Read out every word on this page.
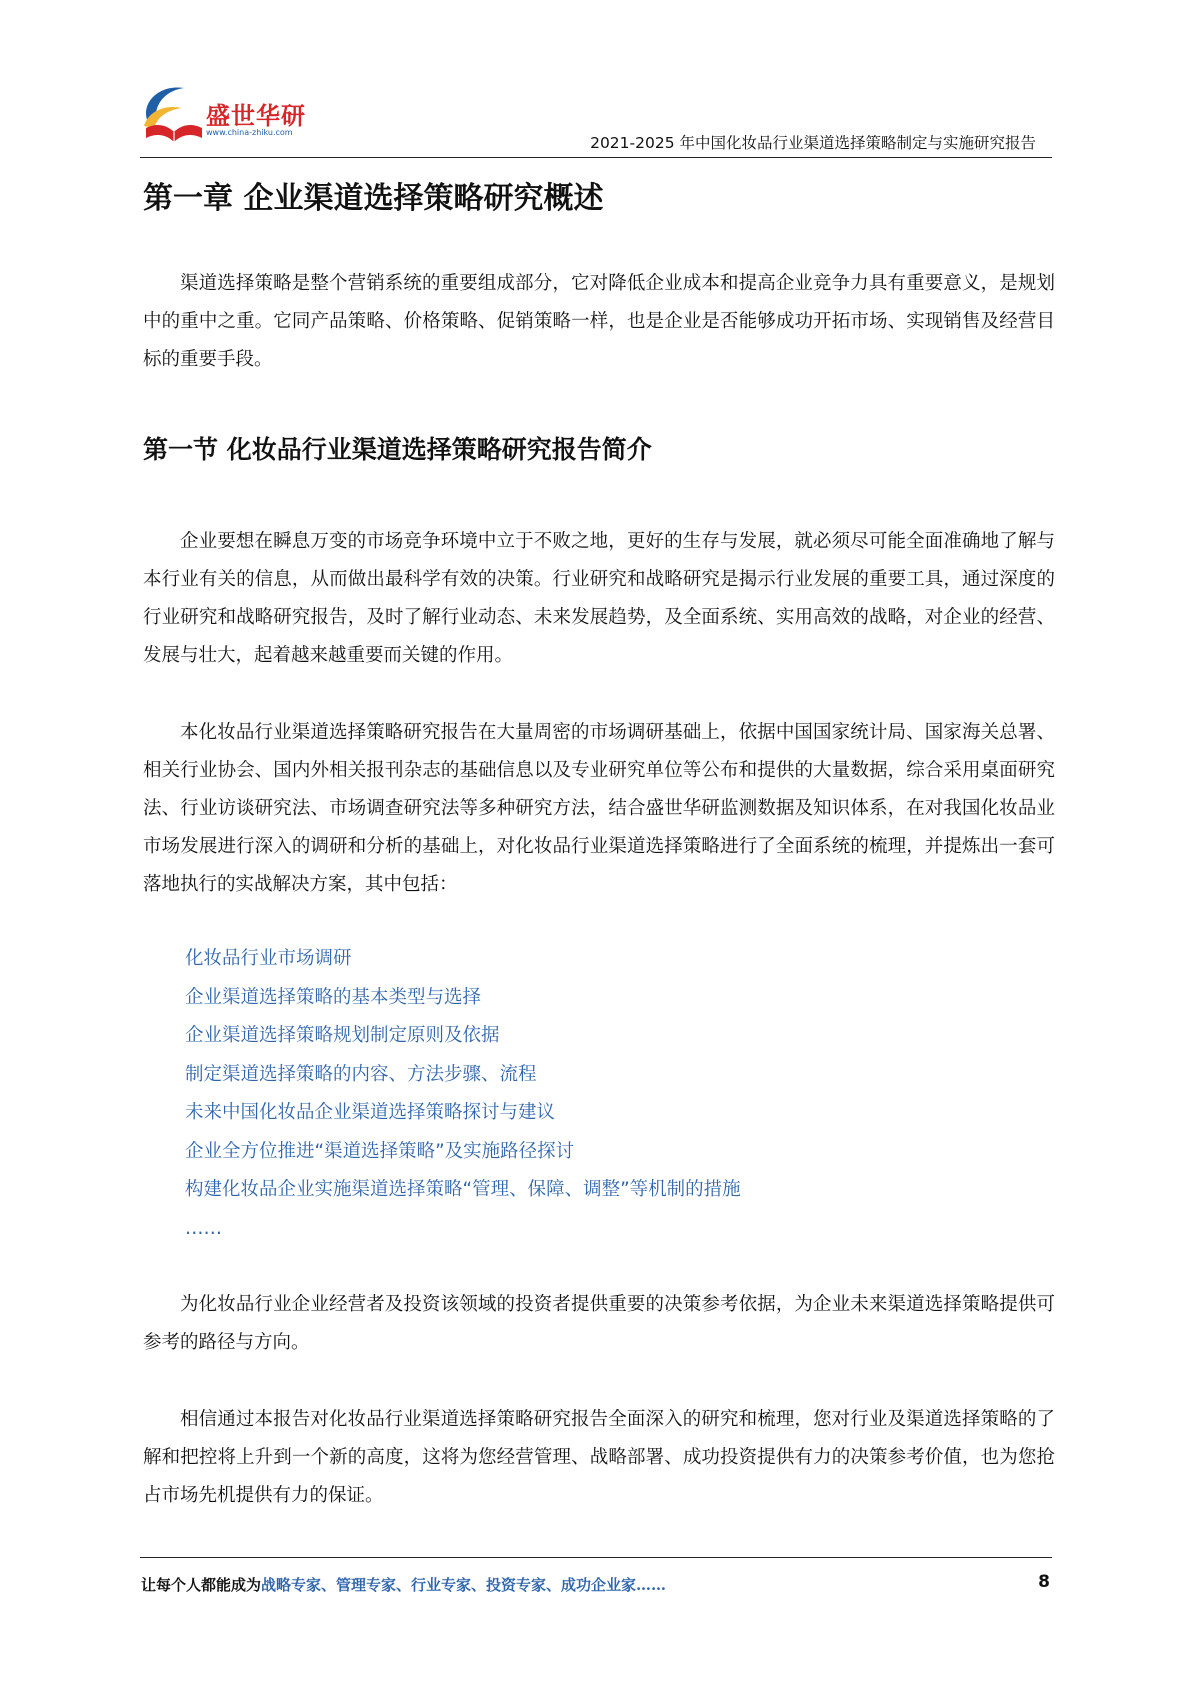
盛世华研
www.china-zhiku.com
2021-2025 年中国化妆品行业渠道选择策略制定与实施研究报告
第一章 企业渠道选择策略研究概述

渠道选择策略是整个营销系统的重要组成部分，它对降低企业成本和提高企业竞争力具有重要意义，是规划中的重中之重。它同产品策略、价格策略、促销策略一样，也是企业是否能够成功开拓市场、实现销售及经营目标的重要手段。

第一节 化妆品行业渠道选择策略研究报告简介

企业要想在瞬息万变的市场竞争环境中立于不败之地，更好的生存与发展，就必须尽可能全面准确地了解与本行业有关的信息，从而做出最科学有效的决策。行业研究和战略研究是揭示行业发展的重要工具，通过深度的行业研究和战略研究报告，及时了解行业动态、未来发展趋势，及全面系统、实用高效的战略，对企业的经营、发展与壮大，起着越来越重要而关键的作用。

本化妆品行业渠道选择策略研究报告在大量周密的市场调研基础上，依据中国国家统计局、国家海关总署、相关行业协会、国内外相关报刊杂志的基础信息以及专业研究单位等公布和提供的大量数据，综合采用桌面研究法、行业访谈研究法、市场调查研究法等多种研究方法，结合盛世华研监测数据及知识体系，在对我国化妆品业市场发展进行深入的调研和分析的基础上，对化妆品行业渠道选择策略进行了全面系统的梳理，并提炼出一套可落地执行的实战解决方案，其中包括：

化妆品行业市场调研
企业渠道选择策略的基本类型与选择
企业渠道选择策略规划制定原则及依据
制定渠道选择策略的内容、方法步骤、流程
未来中国化妆品企业渠道选择策略探讨与建议
企业全方位推进“渠道选择策略”及实施路径探讨
构建化妆品企业实施渠道选择策略“管理、保障、调整”等机制的措施
……

为化妆品行业企业经营者及投资该领域的投资者提供重要的决策参考依据，为企业未来渠道选择策略提供可参考的路径与方向。

相信通过本报告对化妆品行业渠道选择策略研究报告全面深入的研究和梳理，您对行业及渠道选择策略的了解和把控将上升到一个新的高度，这将为您经营管理、战略部署、成功投资提供有力的决策参考价值，也为您抢占市场先机提供有力的保证。

让每个人都能成为战略专家、管理专家、行业专家、投资专家、成功企业家……	8
